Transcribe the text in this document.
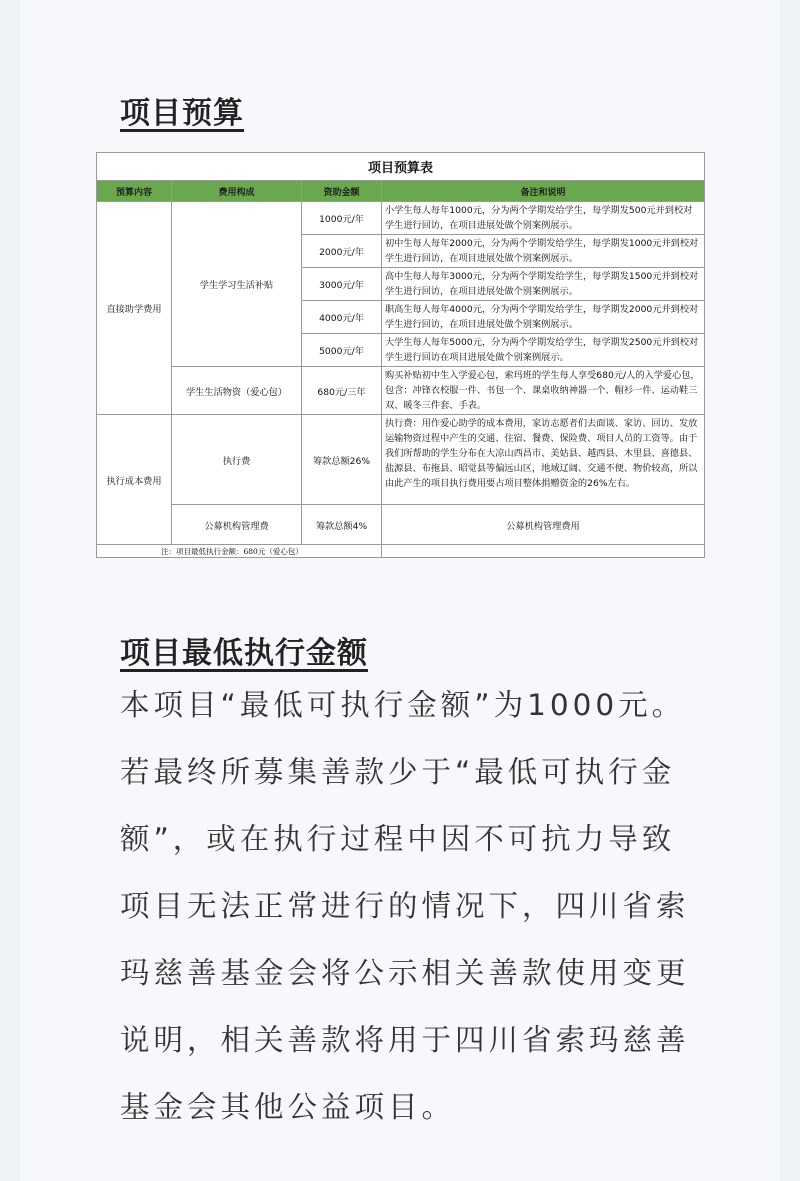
项目预算
项目预算表			
预算内容	费用构成	资助金额	备注和说明
直接助学费用	学生学习生活补贴	1000元/年	小学生每人每年1000元，分为两个学期发给学生，每学期发500元并到校对学生进行回访，在项目进展处做个别案例展示。
		2000元/年	初中生每人每年2000元，分为两个学期发给学生，每学期发1000元并到校对学生进行回访，在项目进展处做个别案例展示。
		3000元/年	高中生每人每年3000元，分为两个学期发给学生，每学期发1500元并到校对学生进行回访，在项目进展处做个别案例展示。
		4000元/年	职高生每人每年4000元，分为两个学期发给学生，每学期发2000元并到校对学生进行回访，在项目进展处做个别案例展示。
		5000元/年	大学生每人每年5000元，分为两个学期发给学生，每学期发2500元并到校对学生进行回访在项目进展处做个别案例展示。
	学生生活物资（爱心包）	680元/三年	购买补贴初中生入学爱心包，索玛班的学生每人享受680元/人的入学爱心包，包含：冲锋衣校服一件、书包一个、课桌收纳神器一个、帽衫一件、运动鞋三双、暖冬三件套、手表。
执行成本费用	执行费	筹款总额26%	执行费：用作爱心助学的成本费用，家访志愿者们去面谈、家访、回访、发放运输物资过程中产生的交通、住宿、餐费、保险费、项目人员的工资等。由于我们所帮助的学生分布在大凉山西昌市、美姑县、越西县、木里县、喜德县、盐源县、布拖县、昭觉县等偏远山区，地域辽阔、交通不便、物价较高，所以由此产生的项目执行费用要占项目整体捐赠资金的26%左右。
	公募机构管理费	筹款总额4%	公募机构管理费用
注：项目最低执行金额：680元（爱心包）			
项目最低执行金额

本项目“最低可执行金额”为1000元。若最终所募集善款少于“最低可执行金额”，或在执行过程中因不可抗力导致项目无法正常进行的情况下，四川省索玛慈善基金会将公示相关善款使用变更说明，相关善款将用于四川省索玛慈善基金会其他公益项目。
